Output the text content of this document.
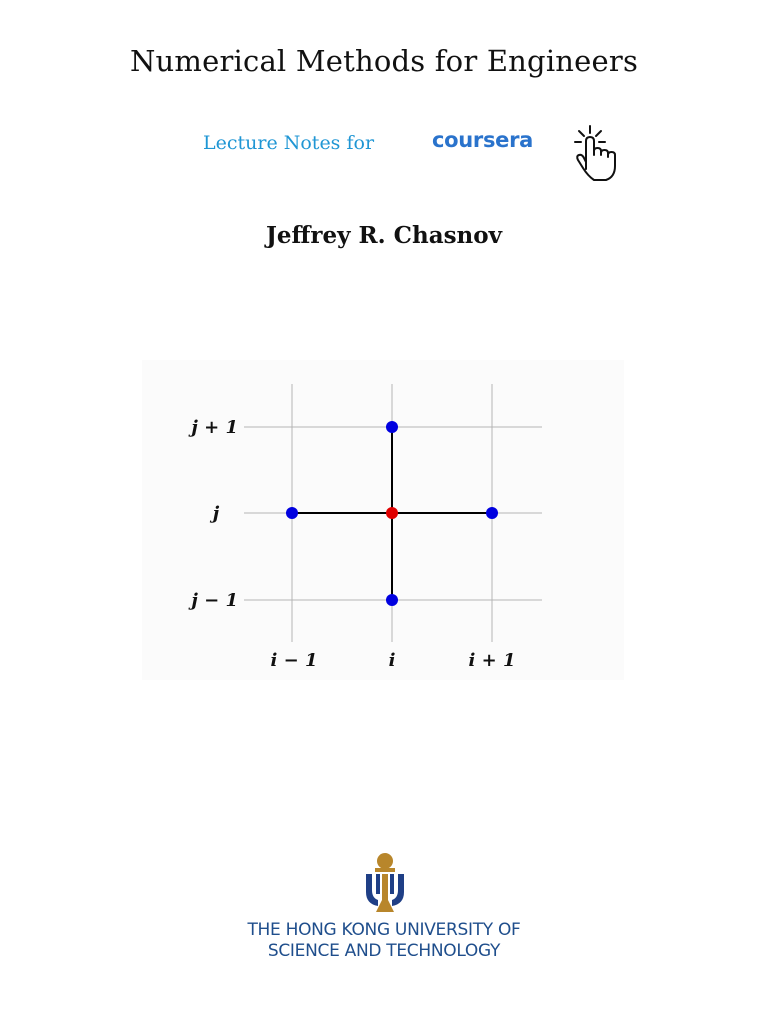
Numerical Methods for Engineers
Lecture Notes for	coursera
Jeffrey R. Chasnov
j + 1
j
j − 1
i − 1	i	i + 1
THE HONG KONG UNIVERSITY OF
SCIENCE AND TECHNOLOGY
